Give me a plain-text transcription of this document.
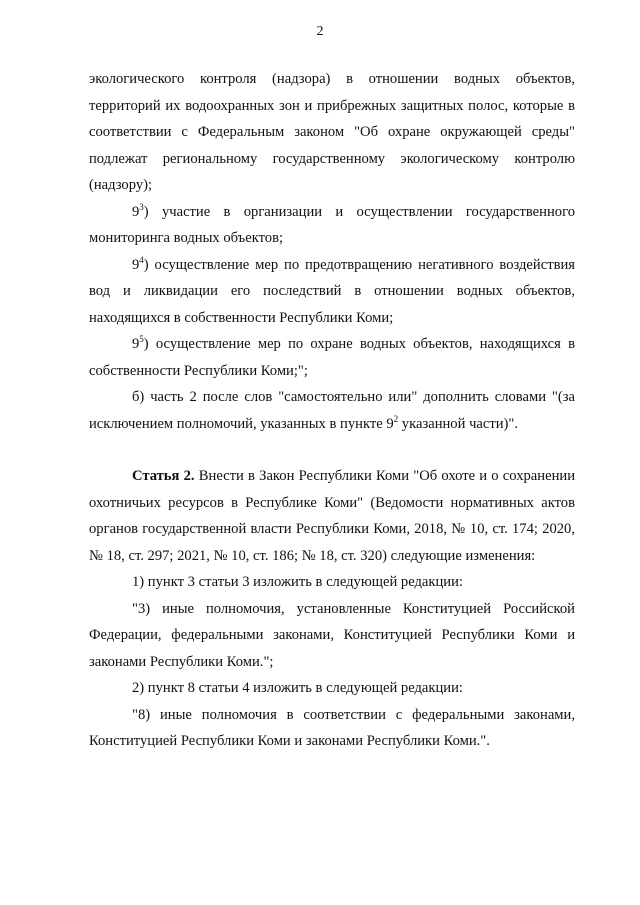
2

экологического контроля (надзора) в отношении водных объектов, территорий их водоохранных зон и прибрежных защитных полос, которые в соответствии с Федеральным законом "Об охране окружающей среды" подлежат региональному государственному экологическому контролю (надзору);

$9^3$) участие в организации и осуществлении государственного мониторинга водных объектов;

$9^4$) осуществление мер по предотвращению негативного воздействия вод и ликвидации его последствий в отношении водных объектов, находящихся в собственности Республики Коми;

$9^5$) осуществление мер по охране водных объектов, находящихся в собственности Республики Коми;";

б) часть 2 после слов "самостоятельно или" дополнить словами "(за исключением полномочий, указанных в пункте $9^2$ указанной части)".

Статья 2. Внести в Закон Республики Коми "Об охоте и о сохранении охотничьих ресурсов в Республике Коми" (Ведомости нормативных актов органов государственной власти Республики Коми, 2018, № 10, ст. 174; 2020, № 18, ст. 297; 2021, № 10, ст. 186; № 18, ст. 320) следующие изменения:

1) пункт 3 статьи 3 изложить в следующей редакции:

"3) иные полномочия, установленные Конституцией Российской Федерации, федеральными законами, Конституцией Республики Коми и законами Республики Коми.";

2) пункт 8 статьи 4 изложить в следующей редакции:

"8) иные полномочия в соответствии с федеральными законами, Конституцией Республики Коми и законами Республики Коми.".
